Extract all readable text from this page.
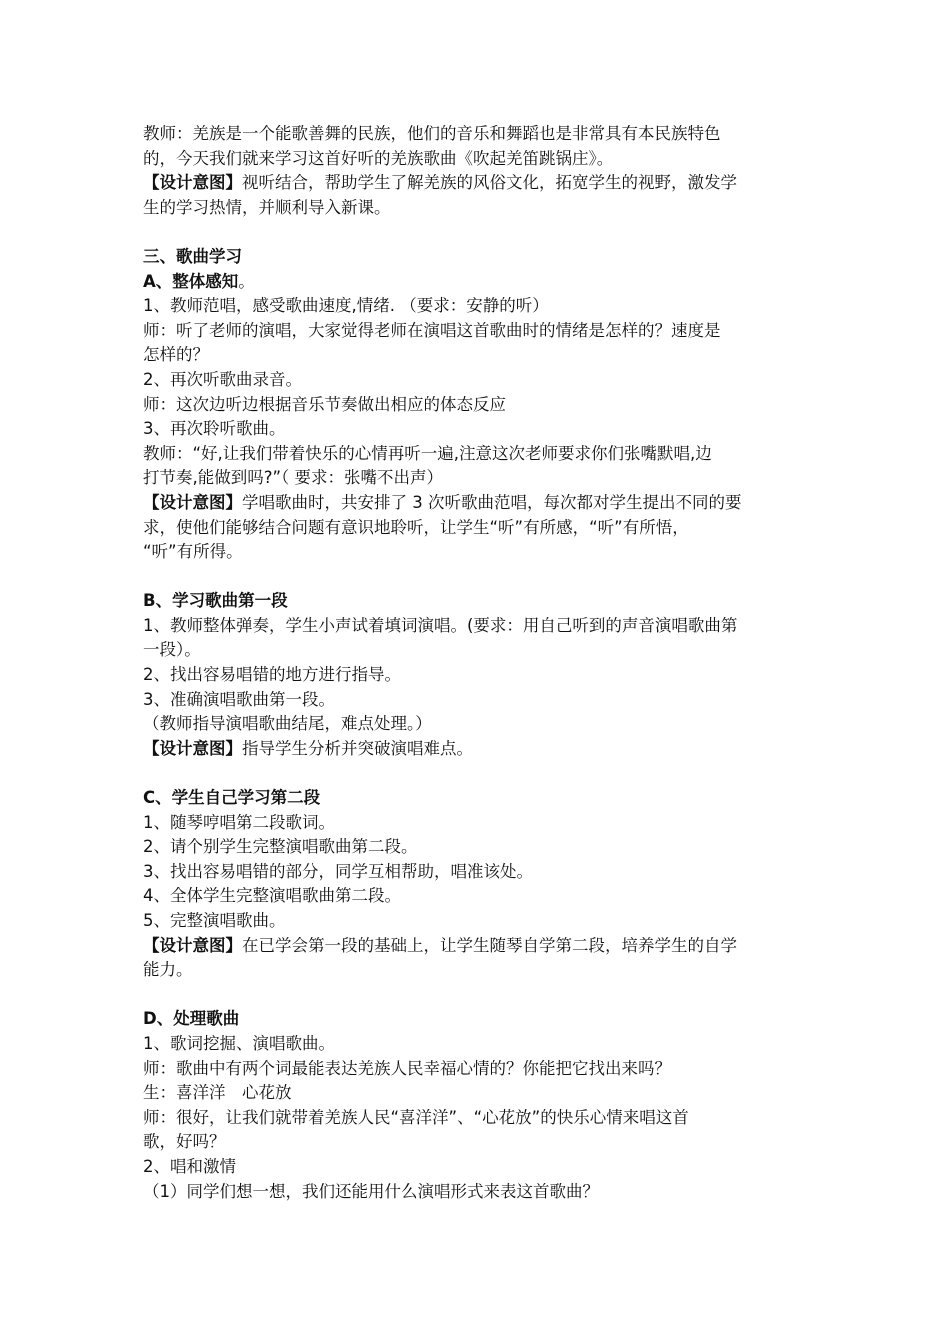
教师：羌族是一个能歌善舞的民族，他们的音乐和舞蹈也是非常具有本民族特色
的，今天我们就来学习这首好听的羌族歌曲《吹起羌笛跳锅庄》。
【设计意图】视听结合，帮助学生了解羌族的风俗文化，拓宽学生的视野，激发学
生的学习热情，并顺利导入新课。
三、歌曲学习
A、整体感知。
1、教师范唱，感受歌曲速度,情绪. （要求：安静的听）
师：听了老师的演唱，大家觉得老师在演唱这首歌曲时的情绪是怎样的？速度是
怎样的？
2、再次听歌曲录音。
师：这次边听边根据音乐节奏做出相应的体态反应
3、再次聆听歌曲。
教师：“好,让我们带着快乐的心情再听一遍,注意这次老师要求你们张嘴默唱,边
打节奏,能做到吗?”（ 要求：张嘴不出声）
【设计意图】学唱歌曲时，共安排了 3 次听歌曲范唱，每次都对学生提出不同的要
求，使他们能够结合问题有意识地聆听，让学生“听”有所感，“听”有所悟，
“听”有所得。
B、学习歌曲第一段
1、教师整体弹奏，学生小声试着填词演唱。(要求：用自己听到的声音演唱歌曲第
一段）。
2、找出容易唱错的地方进行指导。
3、准确演唱歌曲第一段。
（教师指导演唱歌曲结尾，难点处理。）
【设计意图】指导学生分析并突破演唱难点。
C、学生自己学习第二段
1、随琴哼唱第二段歌词。
2、请个别学生完整演唱歌曲第二段。
3、找出容易唱错的部分，同学互相帮助，唱准该处。
4、全体学生完整演唱歌曲第二段。
5、完整演唱歌曲。
【设计意图】在已学会第一段的基础上，让学生随琴自学第二段，培养学生的自学
能力。
D、处理歌曲
1、歌词挖掘、演唱歌曲。
师：歌曲中有两个词最能表达羌族人民幸福心情的？你能把它找出来吗？
生：喜洋洋　心花放
师：很好，让我们就带着羌族人民“喜洋洋”、“心花放”的快乐心情来唱这首
歌，好吗？
2、唱和激情
（1）同学们想一想，我们还能用什么演唱形式来表这首歌曲？
